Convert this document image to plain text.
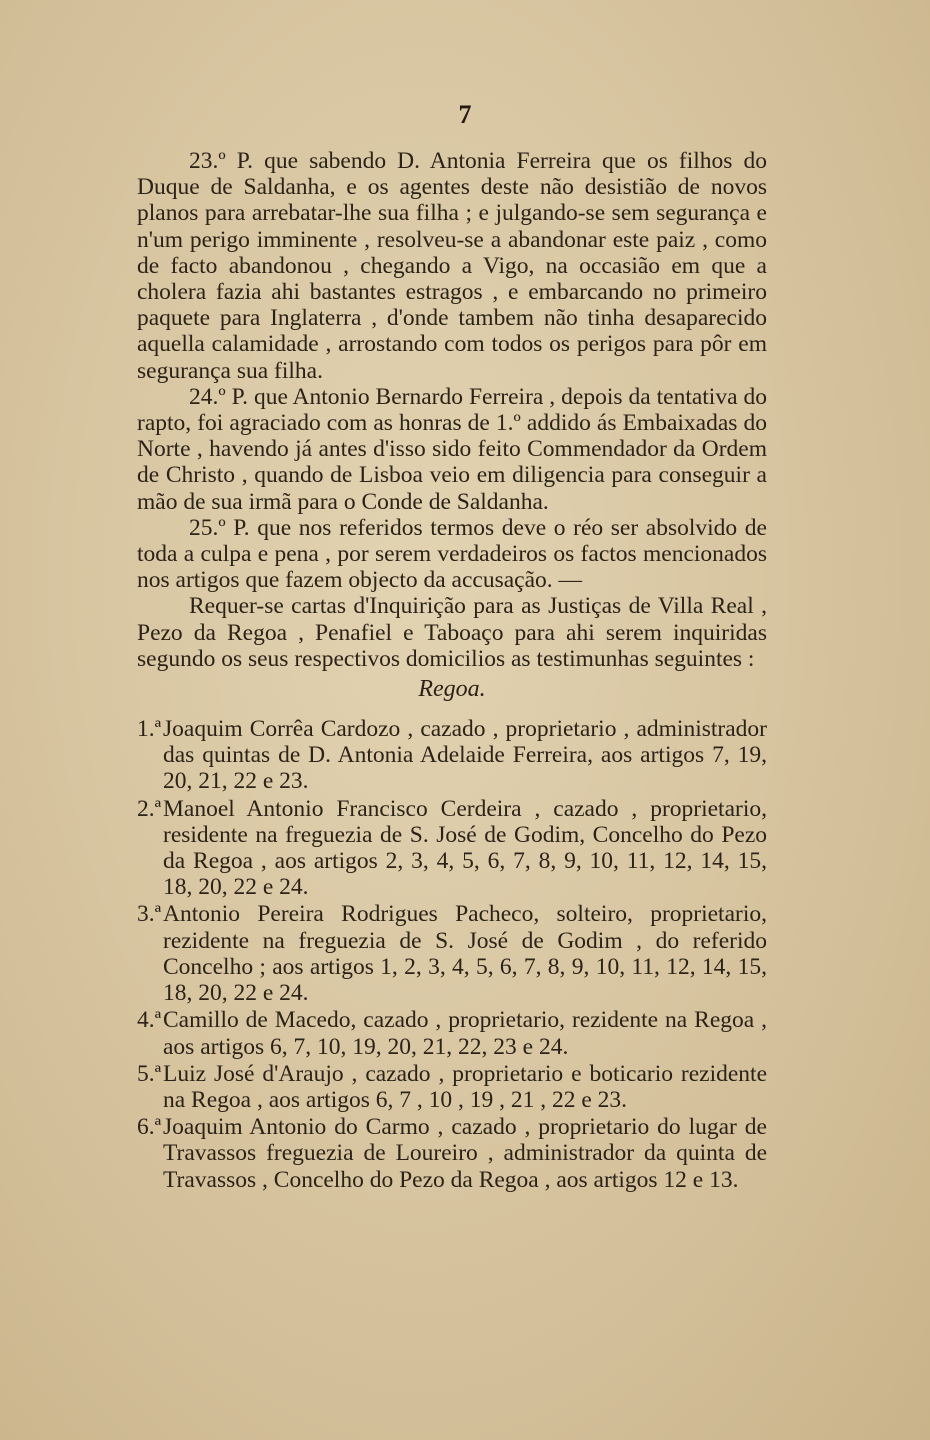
7

23.º P. que sabendo D. Antonia Ferreira que os filhos do Duque de Saldanha, e os agentes deste não desistião de novos planos para arrebatar-lhe sua filha ; e julgando-se sem segurança e n'um perigo imminente , resolveu-se a abandonar este paiz , como de facto abandonou , chegando a Vigo, na occasião em que a cholera fazia ahi bastantes estragos , e embarcando no primeiro paquete para Inglaterra , d'onde tambem não tinha desaparecido aquella calamidade , arrostando com todos os perigos para pôr em segurança sua filha.

24.º P. que Antonio Bernardo Ferreira , depois da tentativa do rapto, foi agraciado com as honras de 1.º addido ás Embaixadas do Norte , havendo já antes d'isso sido feito Commendador da Ordem de Christo , quando de Lisboa veio em diligencia para conseguir a mão de sua irmã para o Conde de Saldanha.

25.º P. que nos referidos termos deve o réo ser absolvido de toda a culpa e pena , por serem verdadeiros os factos mencionados nos artigos que fazem objecto da accusação. —

Requer-se cartas d'Inquirição para as Justiças de Villa Real , Pezo da Regoa , Penafiel e Taboaço para ahi serem inquiridas segundo os seus respectivos domicilios as testimunhas seguintes :

Regoa.

1.ªJoaquim Corrêa Cardozo , cazado , proprietario , administrador das quintas de D. Antonia Adelaide Ferreira, aos artigos 7, 19, 20, 21, 22 e 23.

2.ªManoel Antonio Francisco Cerdeira , cazado , proprietario, residente na freguezia de S. José de Godim, Concelho do Pezo da Regoa , aos artigos 2, 3, 4, 5, 6, 7, 8, 9, 10, 11, 12, 14, 15, 18, 20, 22 e 24.

3.ªAntonio Pereira Rodrigues Pacheco, solteiro, proprietario, rezidente na freguezia de S. José de Godim , do referido Concelho ; aos artigos 1, 2, 3, 4, 5, 6, 7, 8, 9, 10, 11, 12, 14, 15, 18, 20, 22 e 24.

4.ªCamillo de Macedo, cazado , proprietario, rezidente na Regoa , aos artigos 6, 7, 10, 19, 20, 21, 22, 23 e 24.

5.ªLuiz José d'Araujo , cazado , proprietario e boticario rezidente na Regoa , aos artigos 6, 7 , 10 , 19 , 21 , 22 e 23.

6.ªJoaquim Antonio do Carmo , cazado , proprietario do lugar de Travassos freguezia de Loureiro , administrador da quinta de Travassos , Concelho do Pezo da Regoa , aos artigos 12 e 13.
